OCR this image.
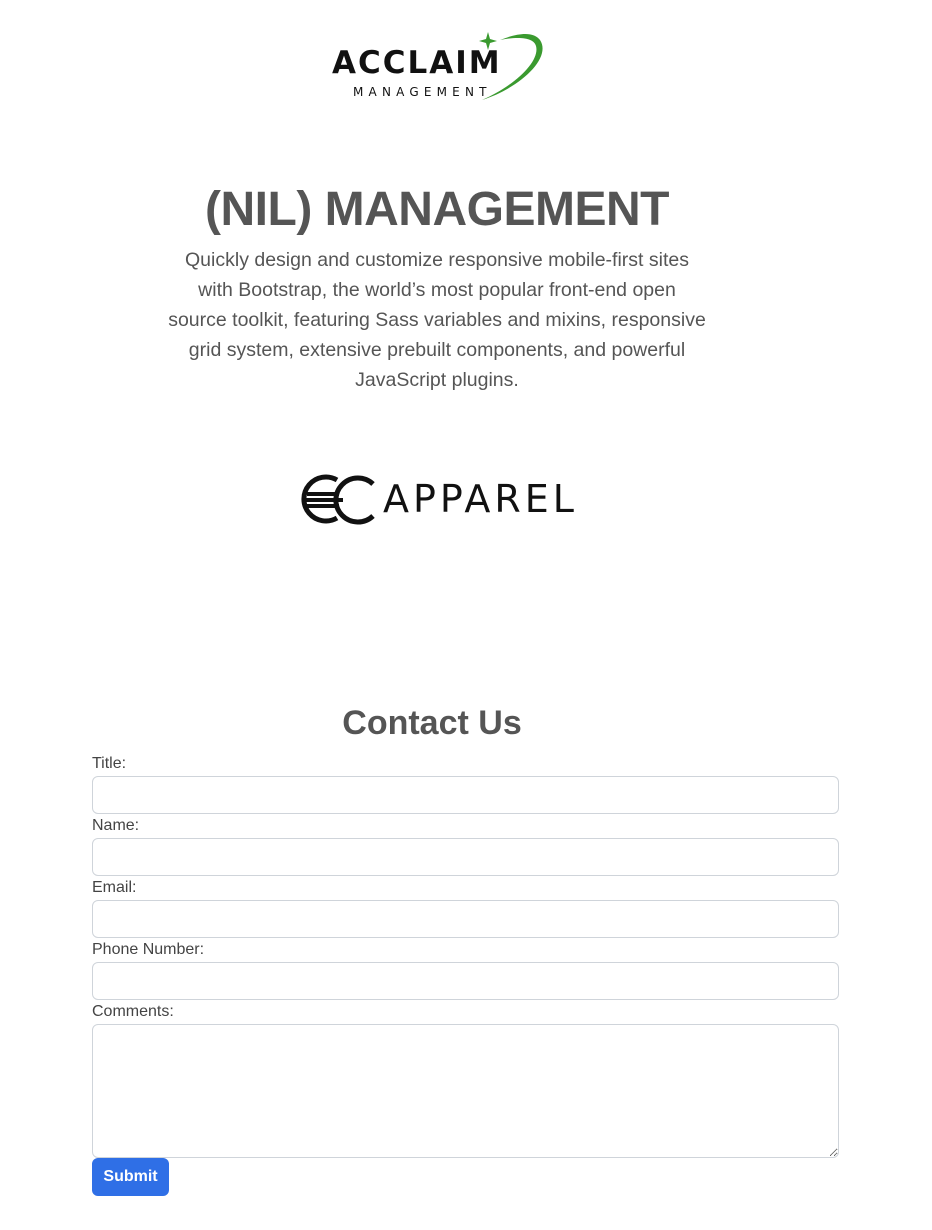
ACCLAIM
MANAGEMENT
(NIL) MANAGEMENT

Quickly design and customize responsive mobile-first sites with Bootstrap, the world’s most popular front-end open source toolkit, featuring Sass variables and mixins, responsive grid system, extensive prebuilt components, and powerful JavaScript plugins.

APPAREL
Contact Us
Title:
Name:
Email:
Phone Number:
Comments:
Submit
